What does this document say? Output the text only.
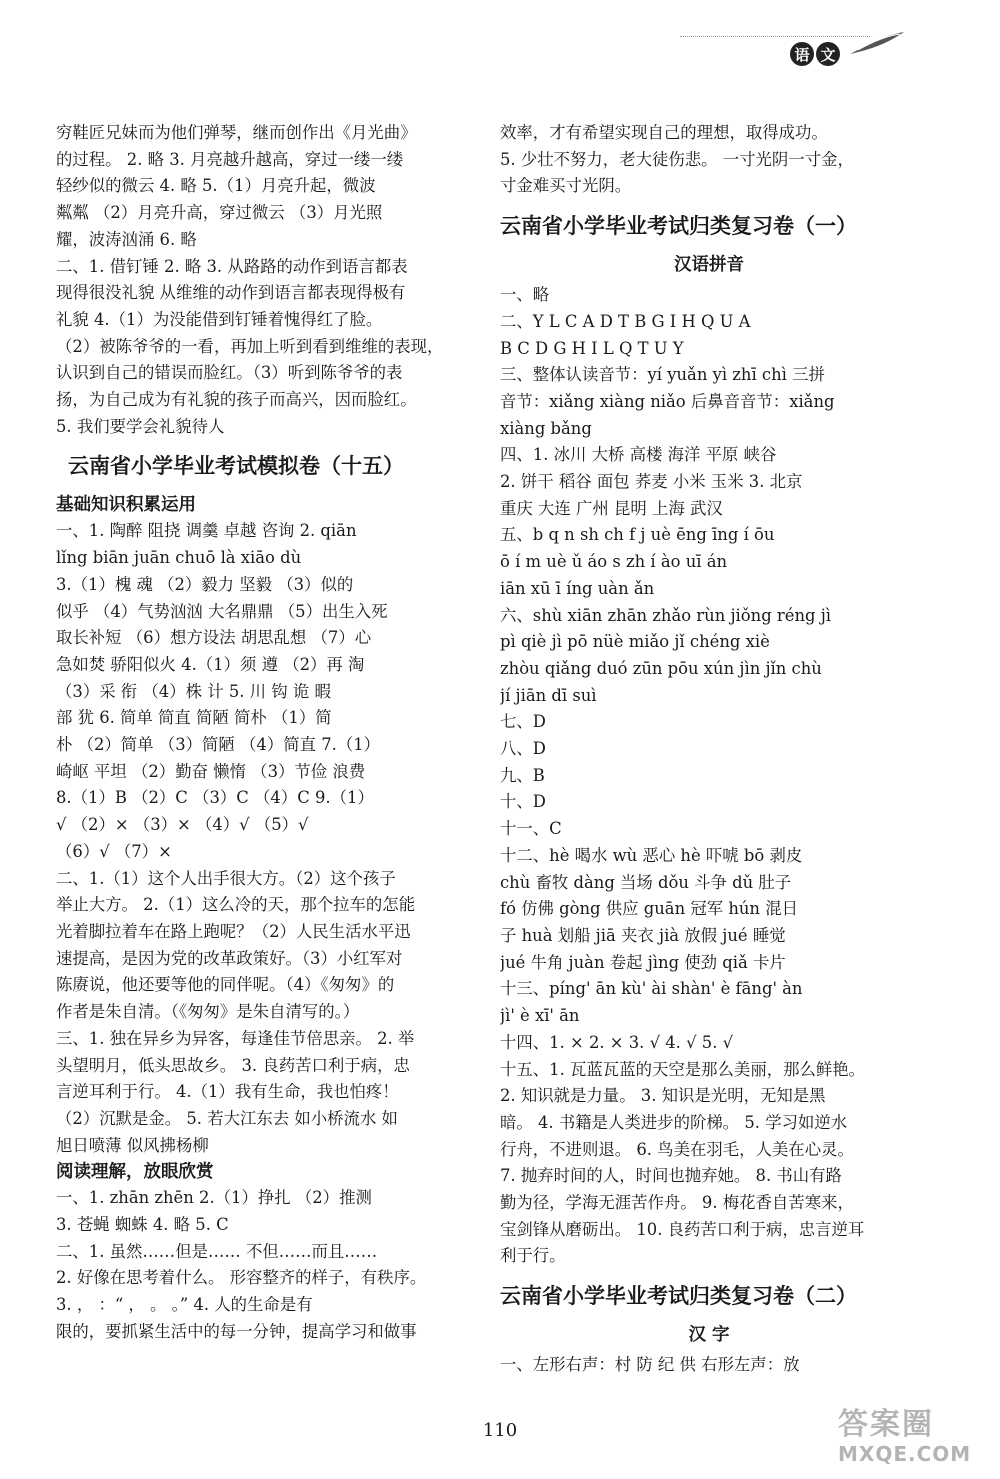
语 文
穷鞋匠兄妹而为他们弹琴，继而创作出《月光曲》
的过程。 2. 略 3. 月亮越升越高，穿过一缕一缕
轻纱似的微云 4. 略 5.（1）月亮升起，微波
粼粼 （2）月亮升高，穿过微云 （3）月光照
耀，波涛汹涌 6. 略
二、1. 借钉锤 2. 略 3. 从路路的动作到语言都表
现得很没礼貌 从维维的动作到语言都表现得极有
礼貌 4.（1）为没能借到钉锤着愧得红了脸。
（2）被陈爷爷的一看，再加上听到看到维维的表现，
认识到自己的错误而脸红。（3）听到陈爷爷的表
扬，为自己成为有礼貌的孩子而高兴，因而脸红。
5. 我们要学会礼貌待人
云南省小学毕业考试模拟卷（十五）
基础知识积累运用
一、1. 陶醉 阻挠 调羹 卓越 咨询 2. qiān
lǐng biān juān chuō là xiāo dù
3.（1）槐 魂 （2）毅力 坚毅 （3）似的
似乎 （4）气势汹汹 大名鼎鼎 （5）出生入死
取长补短 （6）想方设法 胡思乱想 （7）心
急如焚 骄阳似火 4.（1）须 遵 （2）再 淘
（3）采 衔 （4）株 计 5. 川 钩 诡 暇
部 犹 6. 简单 简直 简陋 简朴 （1）简
朴 （2）简单 （3）简陋 （4）简直 7.（1）
崎岖 平坦 （2）勤奋 懒惰 （3）节俭 浪费
8.（1）B （2）C （3）C （4）C 9.（1）
√ （2）× （3）× （4）√ （5）√
（6）√ （7）×
二、1.（1）这个人出手很大方。（2）这个孩子
举止大方。 2.（1）这么冷的天，那个拉车的怎能
光着脚拉着车在路上跑呢？（2）人民生活水平迅
速提高，是因为党的改革政策好。（3）小红军对
陈赓说，他还要等他的同伴呢。（4）《匆匆》的
作者是朱自清。（《匆匆》是朱自清写的。）
三、1. 独在异乡为异客，每逢佳节倍思亲。 2. 举
头望明月，低头思故乡。 3. 良药苦口利于病，忠
言逆耳利于行。 4.（1）我有生命，我也怕疼！
（2）沉默是金。 5. 若大江东去 如小桥流水 如
旭日喷薄 似风拂杨柳
阅读理解，放眼欣赏
一、1. zhān zhēn 2.（1）挣扎 （2）推测
3. 苍蝇 蜘蛛 4. 略 5. C
二、1. 虽然……但是…… 不但……而且……
2. 好像在思考着什么。 形容整齐的样子，有秩序。
3. ， ：“ ， 。 。” 4. 人的生命是有
限的，要抓紧生活中的每一分钟，提高学习和做事
效率，才有希望实现自己的理想，取得成功。
5. 少壮不努力，老大徒伤悲。 一寸光阴一寸金，
寸金难买寸光阴。
云南省小学毕业考试归类复习卷（一）
汉语拼音
一、略
二、Y L C A D T B G I H Q U A
B C D G H I L Q T U Y
三、整体认读音节：yí yuǎn yì zhī chì 三拼
音节：xiǎng xiàng niǎo 后鼻音音节：xiǎng
xiàng bǎng
四、1. 冰川 大桥 高楼 海洋 平原 峡谷
2. 饼干 稻谷 面包 荞麦 小米 玉米 3. 北京
重庆 大连 广州 昆明 上海 武汉
五、b q n sh ch f j uè ēng īng í ōu
ō í m uè ǔ áo s zh í ào uī án
iān xū ī íng uàn ǎn
六、shù xiān zhān zhǎo rùn jiǒng réng jì
pì qiè jì pō nüè miǎo jǐ chéng xiè
zhòu qiǎng duó zūn pōu xún jìn jǐn chù
jí jiān dī suì
七、D
八、D
九、B
十、D
十一、C
十二、hè 喝水 wù 恶心 hè 吓唬 bō 剥皮
chù 畜牧 dàng 当场 dǒu 斗争 dǔ 肚子
fó 仿佛 gòng 供应 guān 冠军 hún 混日
子 huà 划船 jiā 夹衣 jià 放假 jué 睡觉
jué 牛角 juàn 卷起 jìng 使劲 qiǎ 卡片
十三、píng' ān kù' ài shàn' è fāng' àn
jì' è xī' ān
十四、1. × 2. × 3. √ 4. √ 5. √
十五、1. 瓦蓝瓦蓝的天空是那么美丽，那么鲜艳。
2. 知识就是力量。 3. 知识是光明，无知是黑
暗。 4. 书籍是人类进步的阶梯。 5. 学习如逆水
行舟，不进则退。 6. 鸟美在羽毛，人美在心灵。
7. 抛弃时间的人，时间也抛弃她。 8. 书山有路
勤为径，学海无涯苦作舟。 9. 梅花香自苦寒来，
宝剑锋从磨砺出。 10. 良药苦口利于病，忠言逆耳
利于行。
云南省小学毕业考试归类复习卷（二）
汉 字
一、左形右声：村 防 纪 供 右形左声：放
110	答案圈
MXQE.COM
